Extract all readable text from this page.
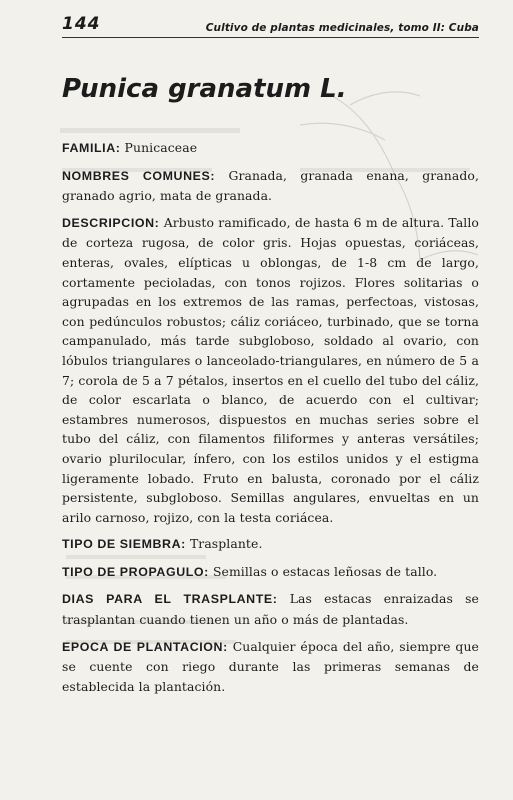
144	Cultivo de plantas medicinales, tomo II: Cuba
Punica granatum L.

FAMILIA: Punicaceae

NOMBRES COMUNES: Granada, granada enana, granado, granado agrio, mata de granada.

DESCRIPCION: Arbusto ramificado, de hasta 6 m de altura. Tallo de corteza rugosa, de color gris. Hojas opuestas, coriáceas, enteras, ovales, elípticas u oblongas, de 1-8 cm de largo, cortamente pecioladas, con tonos rojizos. Flores solitarias o agrupadas en los extremos de las ramas, perfectoas, vistosas, con pedúnculos robustos; cáliz coriáceo, turbinado, que se torna campanulado, más tarde subgloboso, soldado al ovario, con lóbulos triangulares o lanceolado-triangulares, en número de 5 a 7; corola de 5 a 7 pétalos, insertos en el cuello del tubo del cáliz, de color escarlata o blanco, de acuerdo con el cultivar; estambres numerosos, dispuestos en muchas series sobre el tubo del cáliz, con filamentos filiformes y anteras versátiles; ovario plurilocular, ínfero, con los estilos unidos y el estigma ligeramente lobado. Fruto en balusta, coronado por el cáliz persistente, subgloboso. Semillas angulares, envueltas en un arilo carnoso, rojizo, con la testa coriácea.

TIPO DE SIEMBRA: Trasplante.

TIPO DE PROPAGULO: Semillas o estacas leñosas de tallo.

DIAS PARA EL TRASPLANTE: Las estacas enraizadas se trasplantan cuando tienen un año o más de plantadas.

EPOCA DE PLANTACION: Cualquier época del año, siempre que se cuente con riego durante las primeras semanas de establecida la plantación.
